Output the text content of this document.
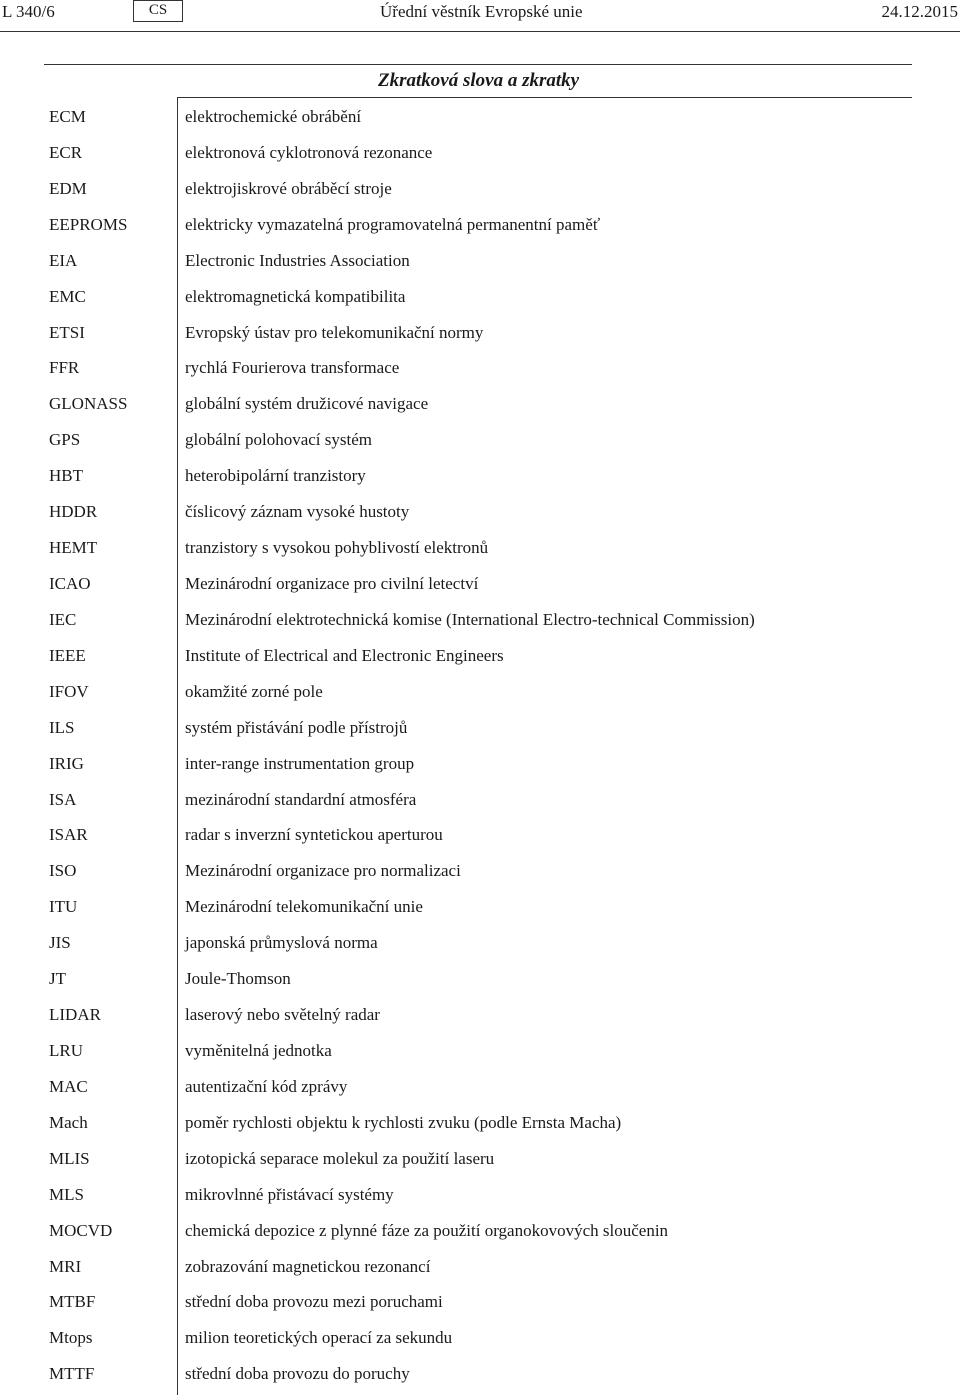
L 340/6	CS	Úřední věstník Evropské unie	24.12.2015
Zkratková slova a zkratky
ECM	elektrochemické obrábění
ECR	elektronová cyklotronová rezonance
EDM	elektrojiskrové obráběcí stroje
EEPROMS	elektricky vymazatelná programovatelná permanentní paměť
EIA	Electronic Industries Association
EMC	elektromagnetická kompatibilita
ETSI	Evropský ústav pro telekomunikační normy
FFR	rychlá Fourierova transformace
GLONASS	globální systém družicové navigace
GPS	globální polohovací systém
HBT	heterobipolární tranzistory
HDDR	číslicový záznam vysoké hustoty
HEMT	tranzistory s vysokou pohyblivostí elektronů
ICAO	Mezinárodní organizace pro civilní letectví
IEC	Mezinárodní elektrotechnická komise (International Electro-technical Commission)
IEEE	Institute of Electrical and Electronic Engineers
IFOV	okamžité zorné pole
ILS	systém přistávání podle přístrojů
IRIG	inter-range instrumentation group
ISA	mezinárodní standardní atmosféra
ISAR	radar s inverzní syntetickou aperturou
ISO	Mezinárodní organizace pro normalizaci
ITU	Mezinárodní telekomunikační unie
JIS	japonská průmyslová norma
JT	Joule-Thomson
LIDAR	laserový nebo světelný radar
LRU	vyměnitelná jednotka
MAC	autentizační kód zprávy
Mach	poměr rychlosti objektu k rychlosti zvuku (podle Ernsta Macha)
MLIS	izotopická separace molekul za použití laseru
MLS	mikrovlnné přistávací systémy
MOCVD	chemická depozice z plynné fáze za použití organokovových sloučenin
MRI	zobrazování magnetickou rezonancí
MTBF	střední doba provozu mezi poruchami
Mtops	milion teoretických operací za sekundu
MTTF	střední doba provozu do poruchy
